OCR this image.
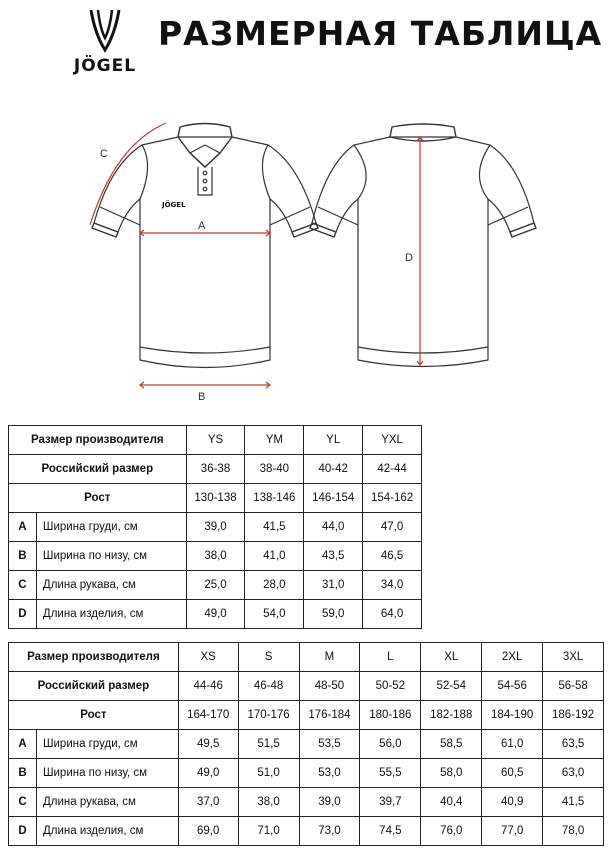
JÖGEL
РАЗМЕРНАЯ ТАБЛИЦА
JÖGEL
A
B
C
D
Размер производителя		YS	YM	YL	YXL
Российский размер		36-38	38-40	40-42	42-44
Рост		130-138	138-146	146-154	154-162
A	Ширина груди, см	39,0	41,5	44,0	47,0
B	Ширина по низу, см	38,0	41,0	43,5	46,5
C	Длина рукава, см	25,0	28,0	31,0	34,0
D	Длина изделия, см	49,0	54,0	59,0	64,0
Размер производителя		XS	S	M	L	XL	2XL	3XL
Российский размер		44-46	46-48	48-50	50-52	52-54	54-56	56-58
Рост		164-170	170-176	176-184	180-186	182-188	184-190	186-192
A	Ширина груди, см	49,5	51,5	53,5	56,0	58,5	61,0	63,5
B	Ширина по низу, см	49,0	51,0	53,0	55,5	58,0	60,5	63,0
C	Длина рукава, см	37,0	38,0	39,0	39,7	40,4	40,9	41,5
D	Длина изделия, см	69,0	71,0	73,0	74,5	76,0	77,0	78,0
